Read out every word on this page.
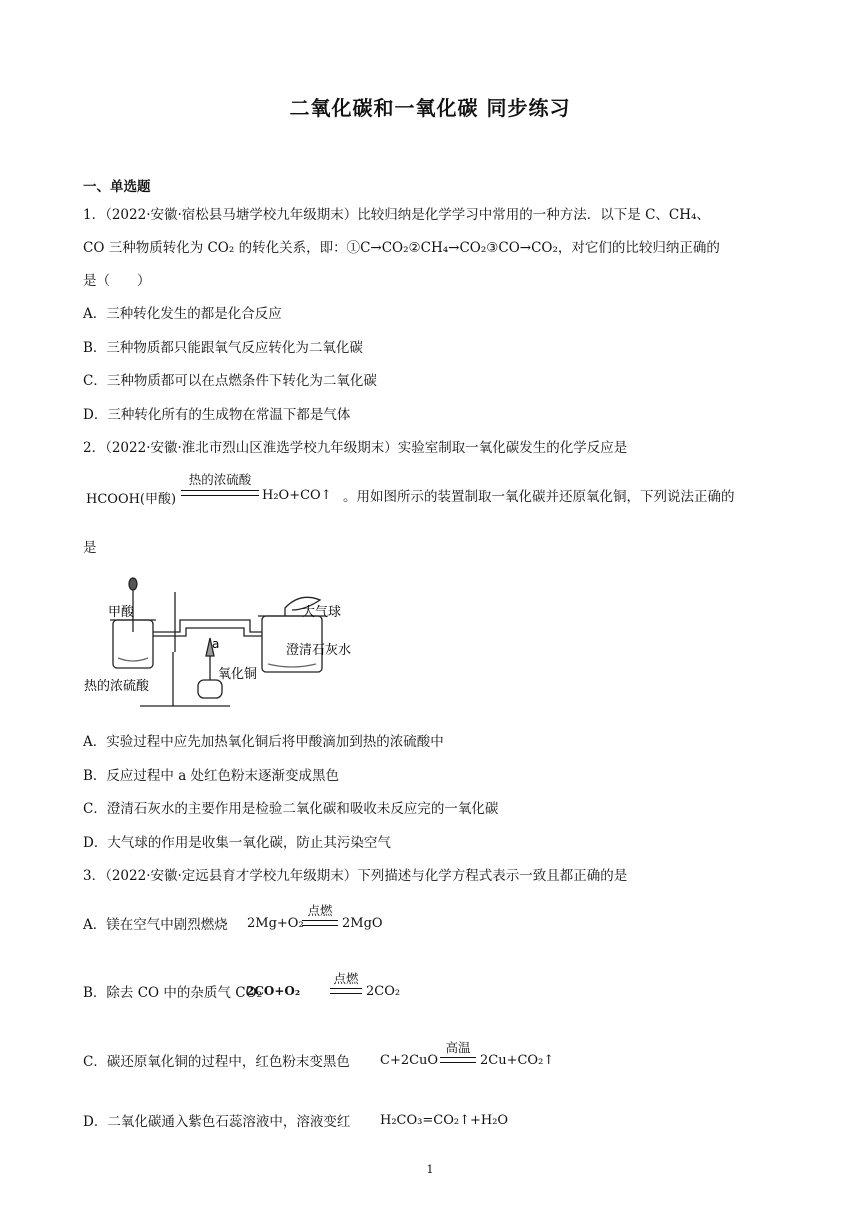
二氧化碳和一氧化碳 同步练习
一、单选题
1．（2022·安徽·宿松县马塘学校九年级期末）比较归纳是化学学习中常用的一种方法．以下是 C、CH₄、
CO 三种物质转化为 CO₂ 的转化关系，即：①C→CO₂②CH₄→CO₂③CO→CO₂，对它们的比较归纳正确的
是（　　）
A．三种转化发生的都是化合反应
B．三种物质都只能跟氧气反应转化为二氧化碳
C．三种物质都可以在点燃条件下转化为二氧化碳
D．三种转化所有的生成物在常温下都是气体
2．（2022·安徽·淮北市烈山区淮选学校九年级期末）实验室制取一氧化碳发生的化学反应是
HCOOH(甲酸)
热的浓硫酸
H₂O+CO↑ 。用如图所示的装置制取一氧化碳并还原氧化铜，下列说法正确的
是
甲酸	大气球
澄清石灰水
a
氧化铜
热的浓硫酸
A．实验过程中应先加热氧化铜后将甲酸滴加到热的浓硫酸中
B．反应过程中 a 处红色粉末逐渐变成黑色
C．澄清石灰水的主要作用是检验二氧化碳和吸收未反应完的一氧化碳
D．大气球的作用是收集一氧化碳，防止其污染空气
3．（2022·安徽·定远县育才学校九年级期末）下列描述与化学方程式表示一致且都正确的是
A．镁在空气中剧烈燃烧 2Mg+O₂
点燃
2MgO
B．除去 CO 中的杂质气 CO₂
2CO+O₂
点燃
2CO₂
C．碳还原氧化铜的过程中，红色粉末变黑色 C+2CuO
高温
2Cu+CO₂↑
D．二氧化碳通入紫色石蕊溶液中，溶液变红 H₂CO₃=CO₂↑+H₂O
1
